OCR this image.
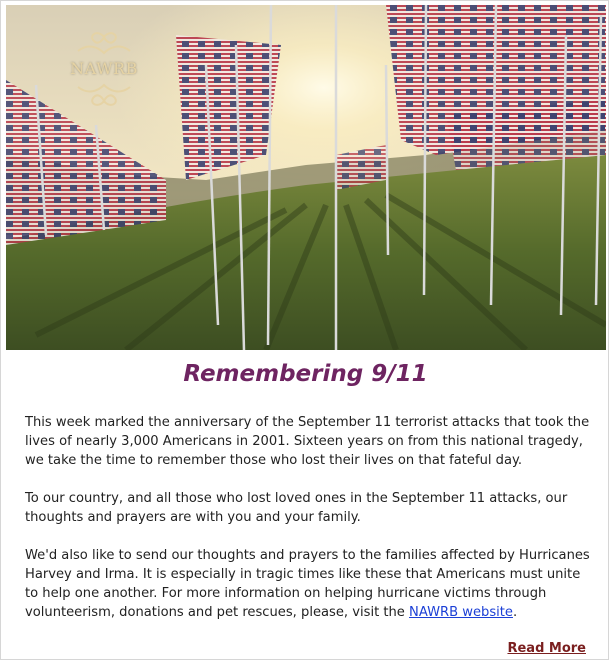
NAWRB
Remembering 9/11

This week marked the anniversary of the September 11 terrorist attacks that took the lives of nearly 3,000 Americans in 2001. Sixteen years on from this national tragedy, we take the time to remember those who lost their lives on that fateful day.

To our country, and all those who lost loved ones in the September 11 attacks, our thoughts and prayers are with you and your family.

We'd also like to send our thoughts and prayers to the families affected by Hurricanes Harvey and Irma. It is especially in tragic times like these that Americans must unite to help one another. For more information on helping hurricane victims through volunteerism, donations and pet rescues, please, visit the NAWRB website.

Read More
